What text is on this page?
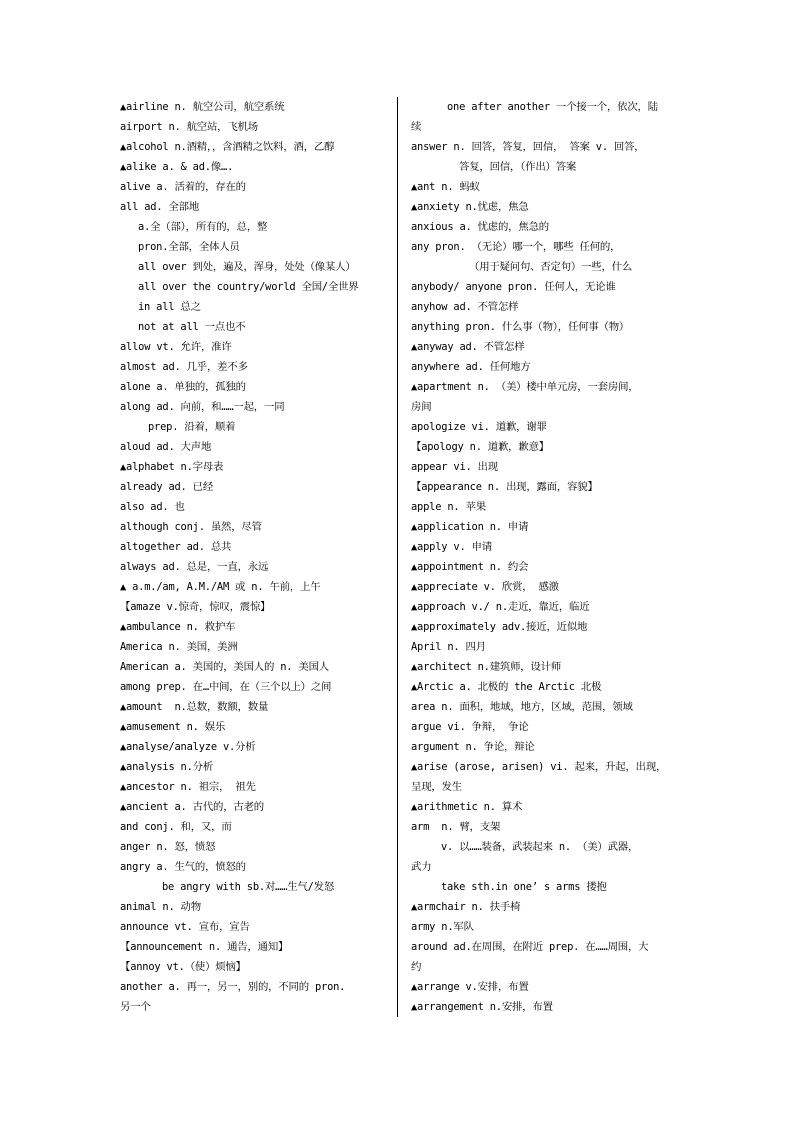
▲airline n. 航空公司，航空系统
airport n. 航空站，飞机场
▲alcohol n.酒精，，含酒精之饮料，酒，乙醇
▲alike a. & ad.像….
alive a. 活着的，存在的
all ad. 全部地
a.全（部），所有的，总，整
pron.全部，全体人员
all over 到处，遍及，浑身，处处（像某人）
all over the country/world 全国/全世界
in all 总之
not at all 一点也不
allow vt. 允许，准许
almost ad. 几乎，差不多
alone a. 单独的，孤独的
along ad. 向前，和……一起，一同
prep. 沿着，顺着
aloud ad. 大声地
▲alphabet n.字母表
already ad. 已经
also ad. 也
although conj. 虽然，尽管
altogether ad. 总共
always ad. 总是，一直，永远
▲ a.m./am, A.M./AM 或 n. 午前，上午
【amaze v.惊奇，惊叹，震惊】
▲ambulance n. 救护车
America n. 美国，美洲
American a. 美国的，美国人的 n. 美国人
among prep. 在…中间，在（三个以上）之间
▲amount  n.总数，数额，数量
▲amusement n. 娱乐
▲analyse/analyze v.分析
▲analysis n.分析
▲ancestor n. 祖宗， 祖先
▲ancient a. 古代的，古老的
and conj. 和，又，而
anger n. 怒，愤怒
angry a. 生气的，愤怒的
be angry with sb.对……生气/发怒
animal n. 动物
announce vt. 宣布，宣告
【announcement n. 通告，通知】
【annoy vt.（使）烦恼】
another a. 再一，另一，别的，不同的 pron.
另一个
one after another 一个接一个，依次，陆
续
answer n. 回答，答复，回信， 答案 v. 回答，
答复，回信，（作出）答案
▲ant n. 蚂蚁
▲anxiety n.忧虑，焦急
anxious a. 忧虑的，焦急的
any pron. （无论）哪一个，哪些 任何的，
（用于疑问句、否定句）一些，什么
anybody/ anyone pron. 任何人，无论谁
anyhow ad. 不管怎样
anything pron. 什么事（物），任何事（物）
▲anyway ad. 不管怎样
anywhere ad. 任何地方
▲apartment n. （美）楼中单元房，一套房间，
房间
apologize vi. 道歉，谢罪
【apology n. 道歉，歉意】
appear vi. 出现
【appearance n. 出现，露面，容貌】
apple n. 苹果
▲application n. 申请
▲apply v. 申请
▲appointment n. 约会
▲appreciate v. 欣赏， 感激
▲approach v./ n.走近，靠近，临近
▲approximately adv.接近，近似地
April n. 四月
▲architect n.建筑师，设计师
▲Arctic a. 北极的 the Arctic 北极
area n. 面积，地域，地方，区域，范围，领域
argue vi. 争辩， 争论
argument n. 争论，辩论
▲arise (arose, arisen) vi. 起来，升起，出现，
呈现，发生
▲arithmetic n. 算术
arm  n. 臂，支架
v. 以……装备，武装起来 n. （美）武器，
武力
take sth.in one’ s arms 搂抱
▲armchair n. 扶手椅
army n.军队
around ad.在周围，在附近 prep. 在……周围，大
约
▲arrange v.安排，布置
▲arrangement n.安排，布置
